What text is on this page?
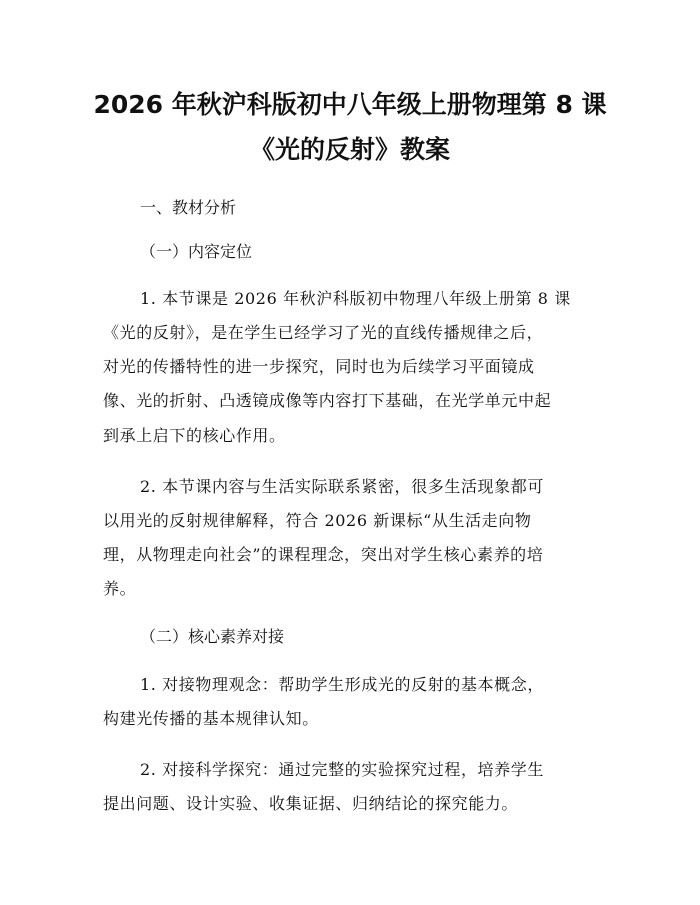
2026 年秋沪科版初中八年级上册物理第 8 课
《光的反射》教案
一、教材分析
（一）内容定位
1. 本节课是 2026 年秋沪科版初中物理八年级上册第 8 课
《光的反射》，是在学生已经学习了光的直线传播规律之后，
对光的传播特性的进一步探究，同时也为后续学习平面镜成
像、光的折射、凸透镜成像等内容打下基础，在光学单元中起
到承上启下的核心作用。
2. 本节课内容与生活实际联系紧密，很多生活现象都可
以用光的反射规律解释，符合 2026 新课标“从生活走向物
理，从物理走向社会”的课程理念，突出对学生核心素养的培
养。
（二）核心素养对接
1. 对接物理观念：帮助学生形成光的反射的基本概念，
构建光传播的基本规律认知。
2. 对接科学探究：通过完整的实验探究过程，培养学生
提出问题、设计实验、收集证据、归纳结论的探究能力。
